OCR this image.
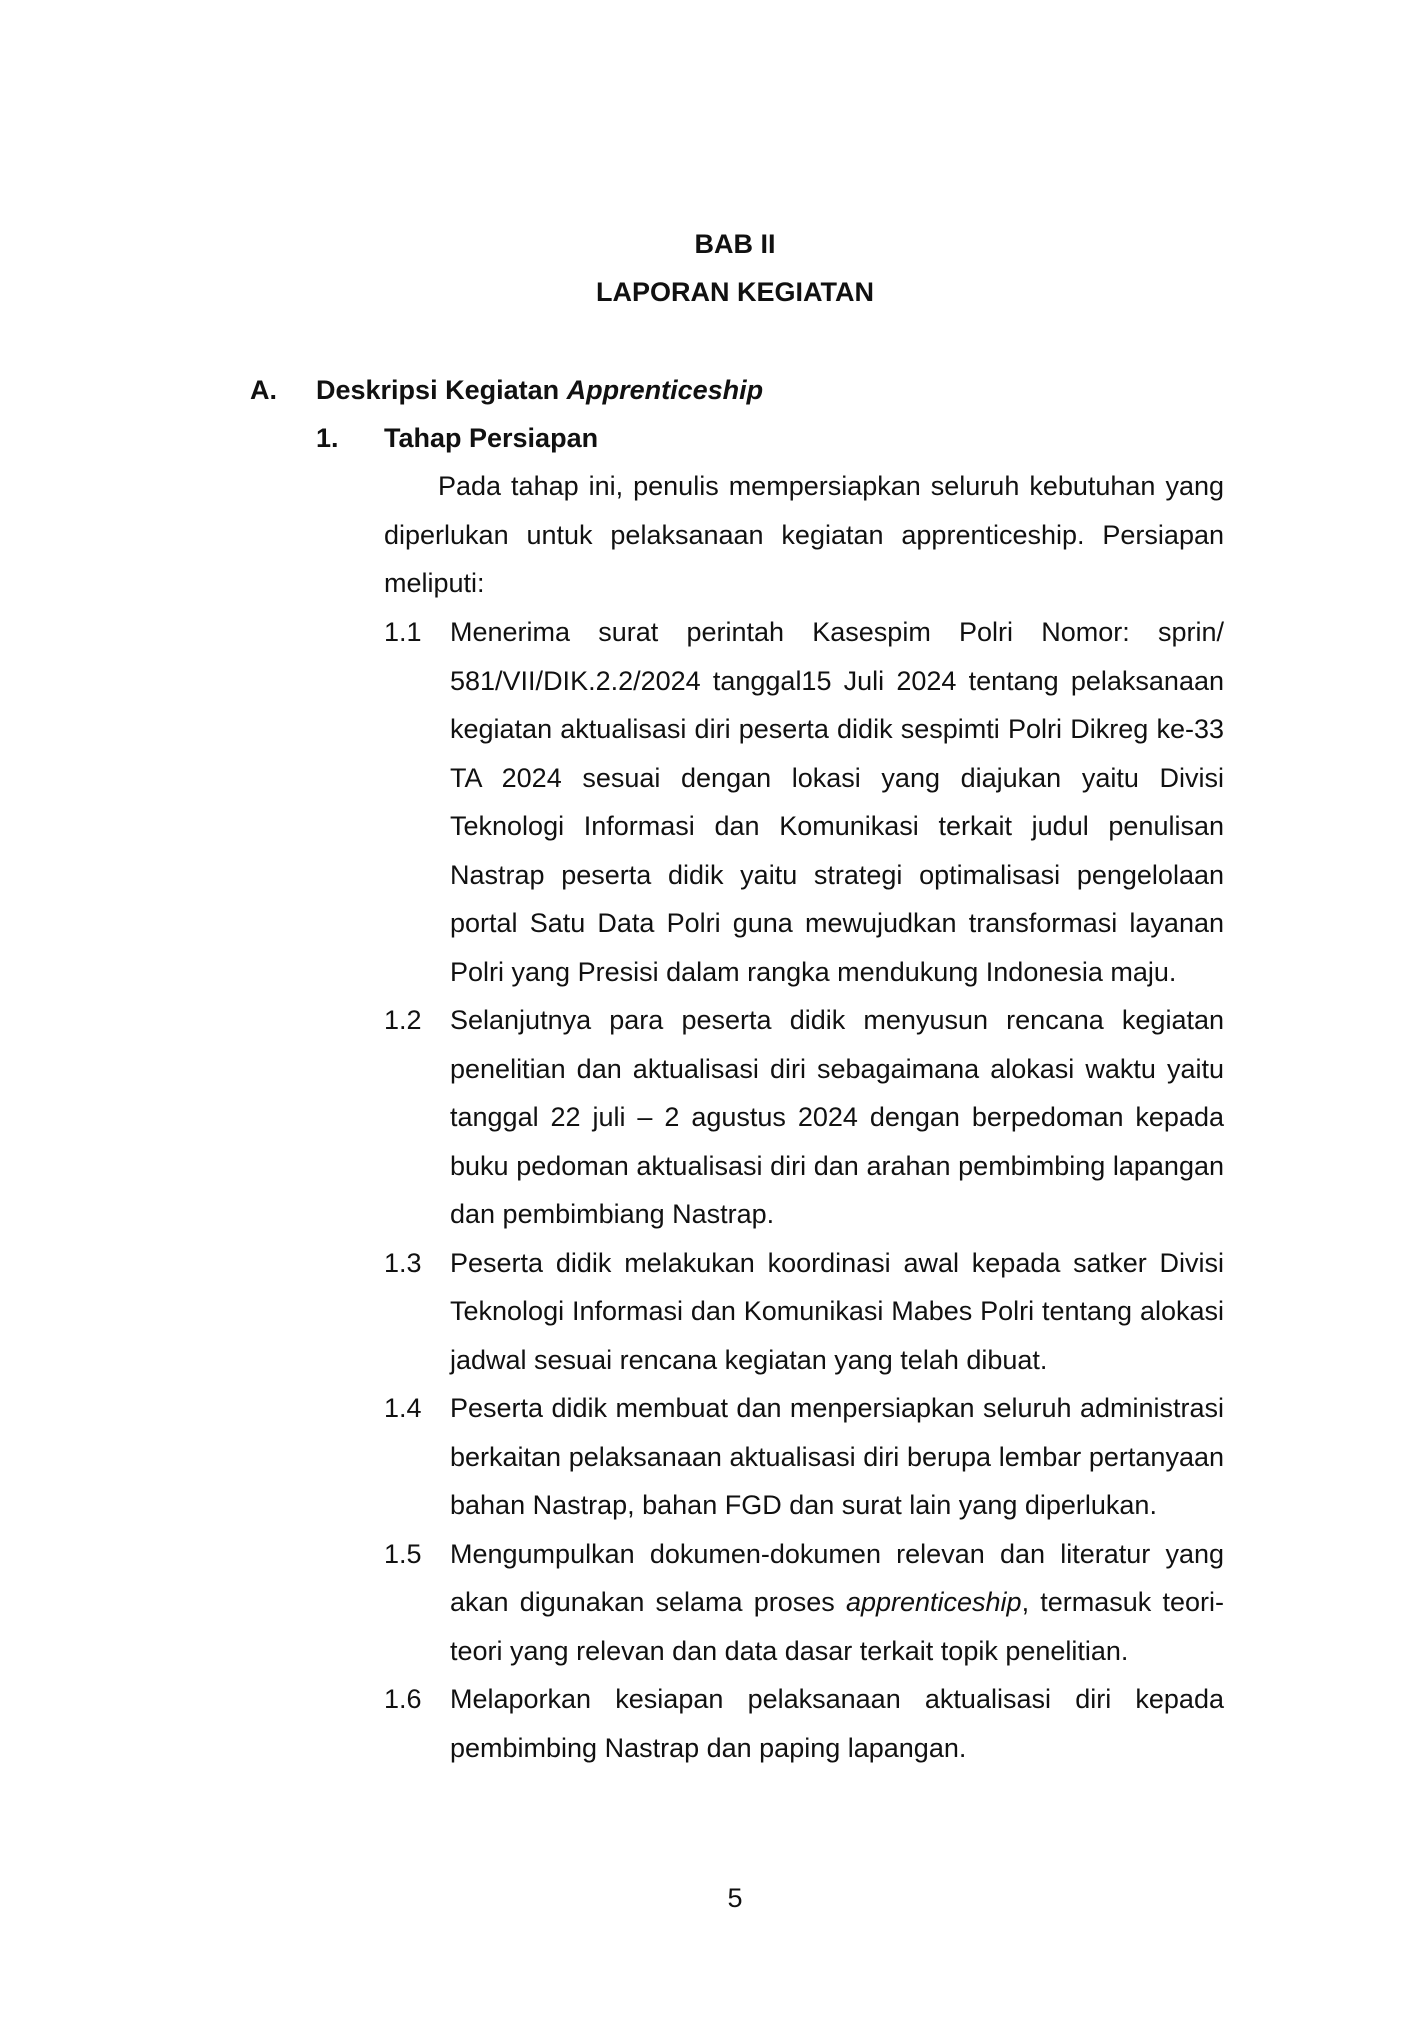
BAB II
LAPORAN KEGIATAN
A. Deskripsi Kegiatan Apprenticeship
1. Tahap Persiapan

Pada tahap ini, penulis mempersiapkan seluruh kebutuhan yang diperlukan untuk pelaksanaan kegiatan apprenticeship. Persiapan meliputi:

1.1 Menerima surat perintah Kasespim Polri Nomor: sprin/ 581/VII/DIK.2.2/2024 tanggal15 Juli 2024 tentang pelaksanaan kegiatan aktualisasi diri peserta didik sespimti Polri Dikreg ke-33 TA 2024 sesuai dengan lokasi yang diajukan yaitu Divisi Teknologi Informasi dan Komunikasi terkait judul penulisan Nastrap peserta didik yaitu strategi optimalisasi pengelolaan portal Satu Data Polri guna mewujudkan transformasi layanan Polri yang Presisi dalam rangka mendukung Indonesia maju.
1.2 Selanjutnya para peserta didik menyusun rencana kegiatan penelitian dan aktualisasi diri sebagaimana alokasi waktu yaitu tanggal 22 juli – 2 agustus 2024 dengan berpedoman kepada buku pedoman aktualisasi diri dan arahan pembimbing lapangan dan pembimbiang Nastrap.
1.3 Peserta didik melakukan koordinasi awal kepada satker Divisi Teknologi Informasi dan Komunikasi Mabes Polri tentang alokasi jadwal sesuai rencana kegiatan yang telah dibuat.
1.4 Peserta didik membuat dan menpersiapkan seluruh administrasi berkaitan pelaksanaan aktualisasi diri berupa lembar pertanyaan bahan Nastrap, bahan FGD dan surat lain yang diperlukan.
1.5 Mengumpulkan dokumen-dokumen relevan dan literatur yang akan digunakan selama proses apprenticeship, termasuk teori-teori yang relevan dan data dasar terkait topik penelitian.
1.6 Melaporkan kesiapan pelaksanaan aktualisasi diri kepada pembimbing Nastrap dan paping lapangan.
5
